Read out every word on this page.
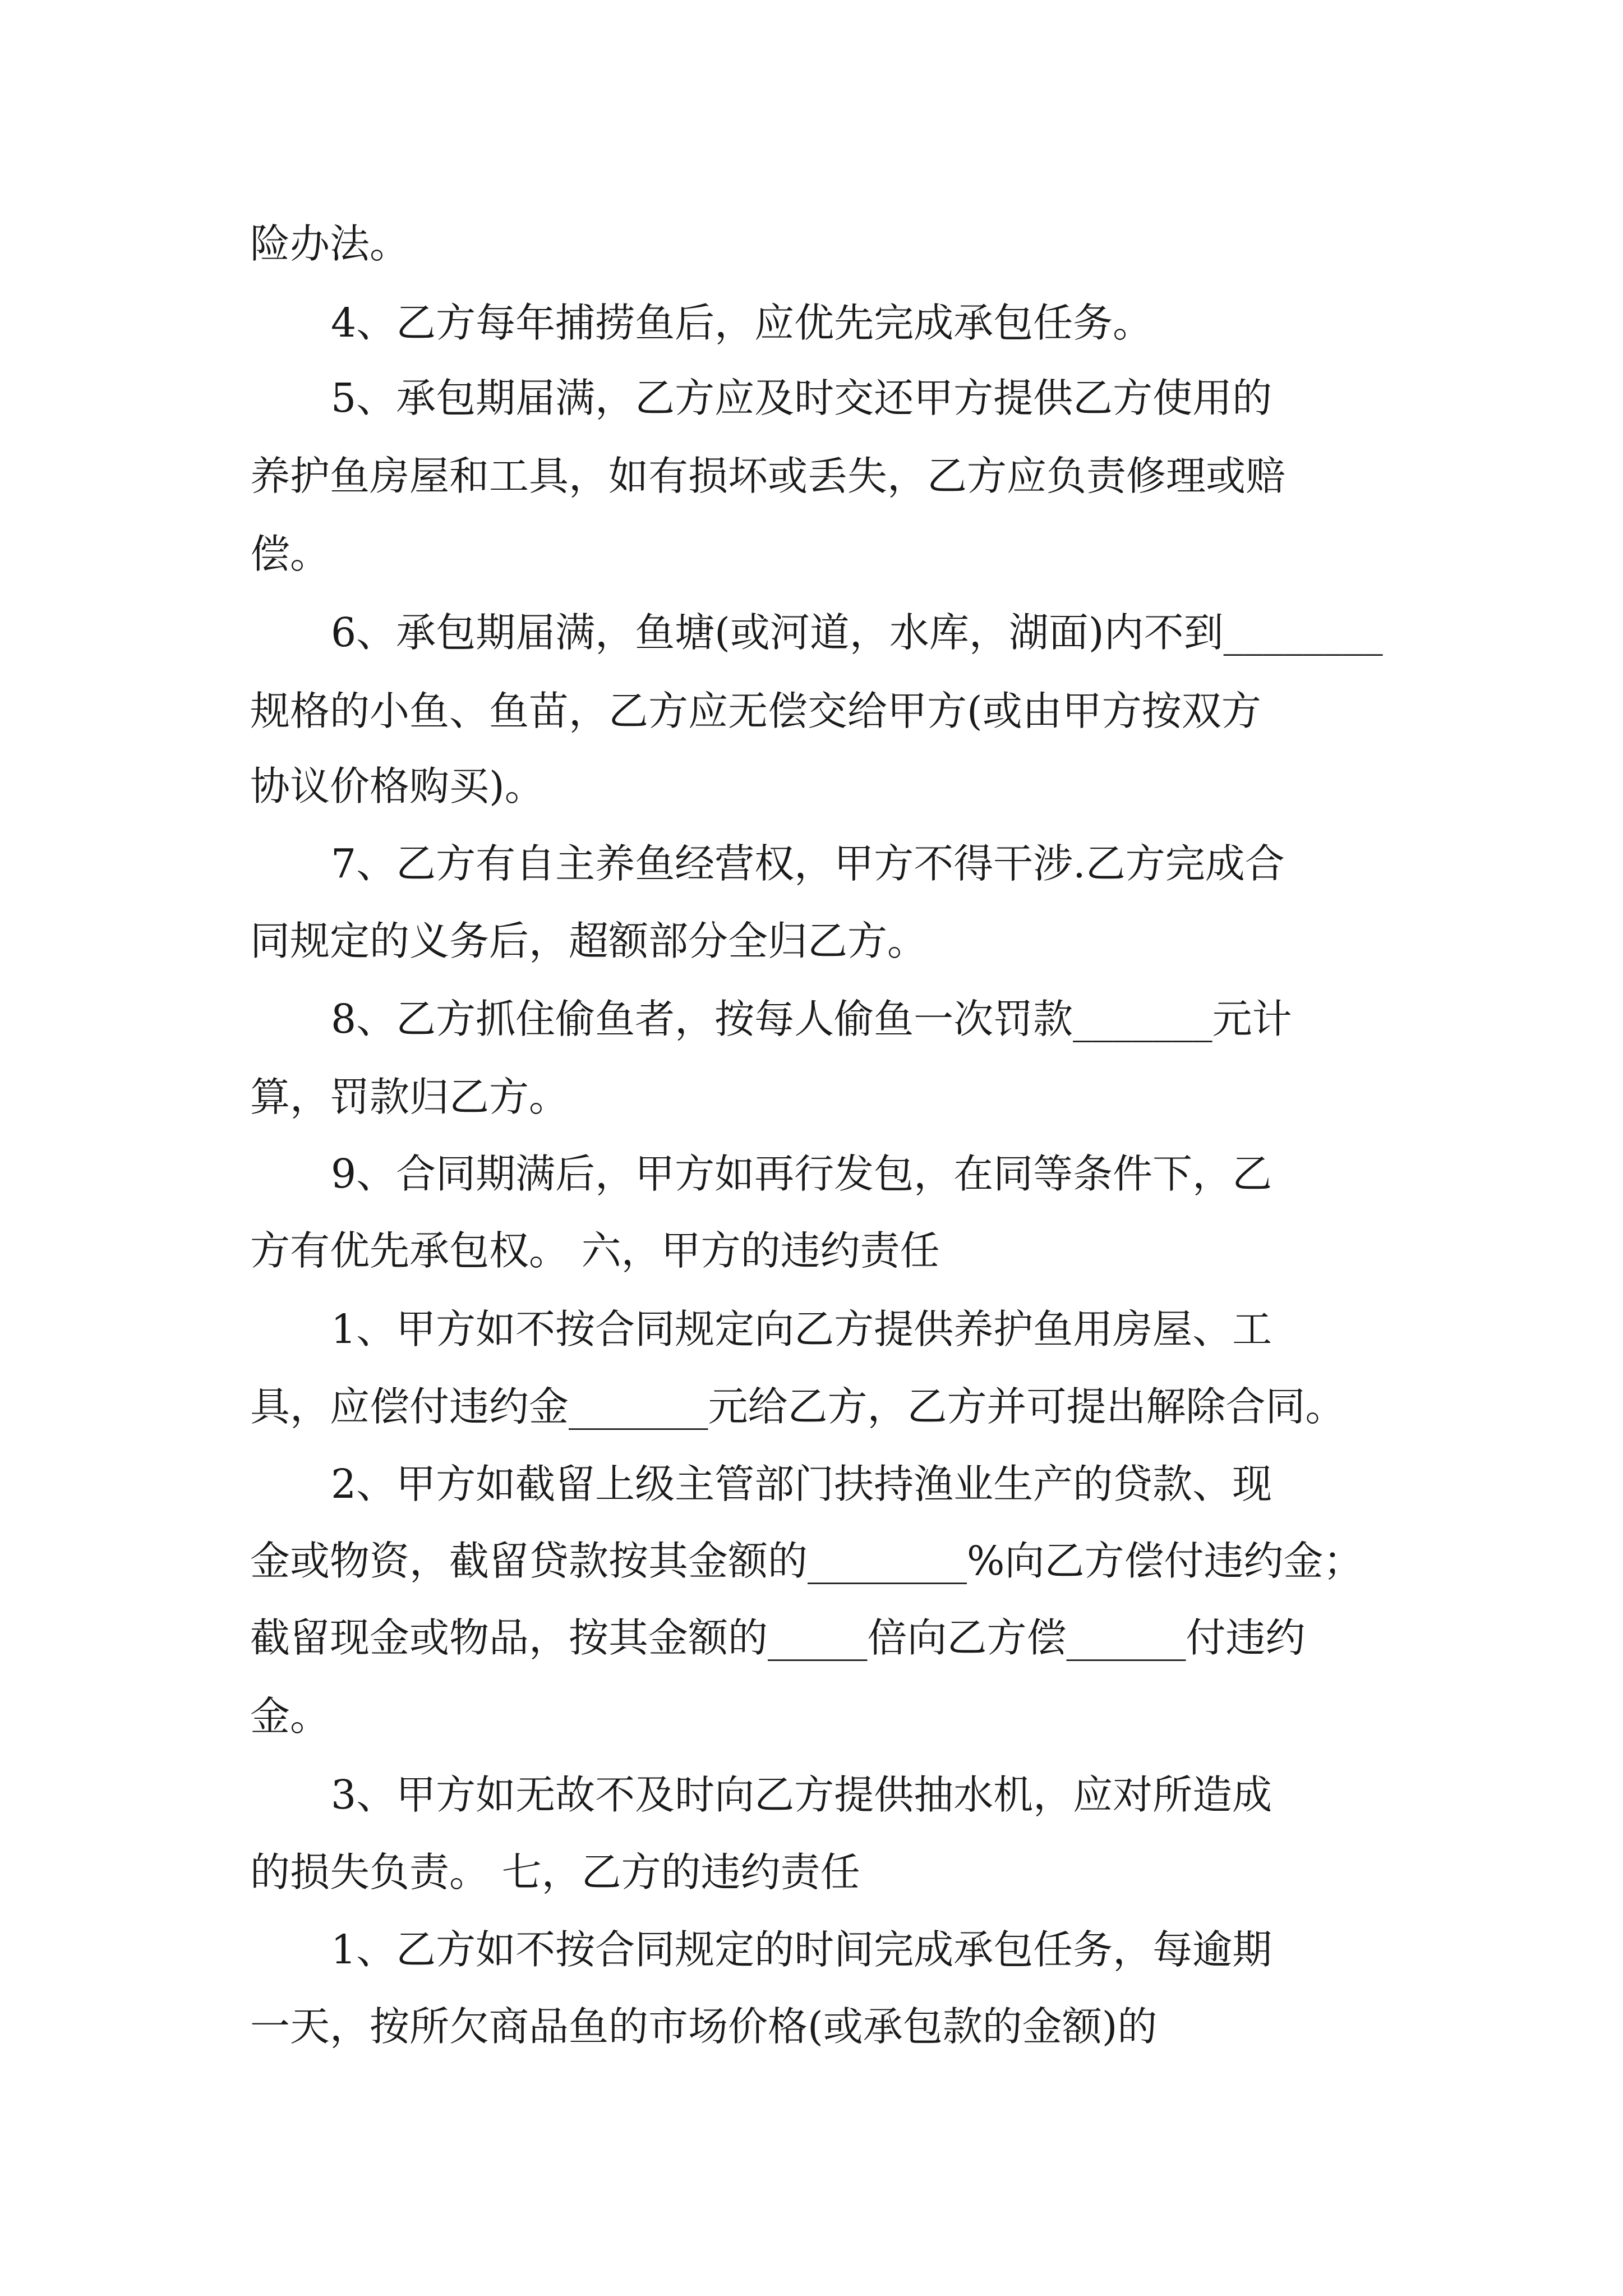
险办法。
4、乙方每年捕捞鱼后，应优先完成承包任务。
5、承包期届满，乙方应及时交还甲方提供乙方使用的
养护鱼房屋和工具，如有损坏或丢失，乙方应负责修理或赔
偿。
6、承包期届满，鱼塘(或河道，水库，湖面)内不到________
规格的小鱼、鱼苗，乙方应无偿交给甲方(或由甲方按双方
协议价格购买)。
7、乙方有自主养鱼经营权，甲方不得干涉.乙方完成合
同规定的义务后，超额部分全归乙方。
8、乙方抓住偷鱼者，按每人偷鱼一次罚款_______元计
算，罚款归乙方。
9、合同期满后，甲方如再行发包，在同等条件下，乙
方有优先承包权。 六，甲方的违约责任
1、甲方如不按合同规定向乙方提供养护鱼用房屋、工
具，应偿付违约金_______元给乙方，乙方并可提出解除合同。
2、甲方如截留上级主管部门扶持渔业生产的贷款、现
金或物资，截留贷款按其金额的________%向乙方偿付违约金；
截留现金或物品，按其金额的_____倍向乙方偿______付违约
金。
3、甲方如无故不及时向乙方提供抽水机，应对所造成
的损失负责。 七，乙方的违约责任
1、乙方如不按合同规定的时间完成承包任务，每逾期
一天，按所欠商品鱼的市场价格(或承包款的金额)的
